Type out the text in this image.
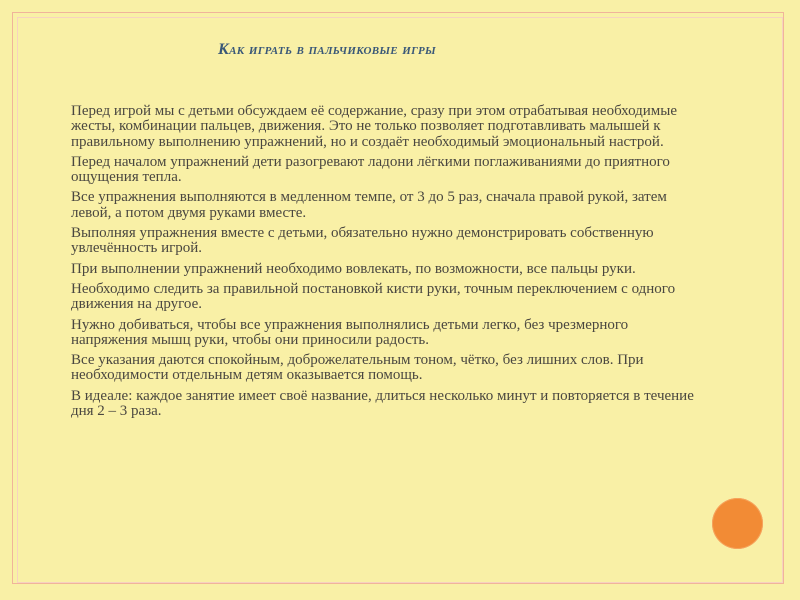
Как играть в пальчиковые игры
Перед игрой мы с детьми обсуждаем её содержание, сразу при этом отрабатывая необходимые жесты, комбинации пальцев, движения. Это не только позволяет подготавливать малышей к правильному выполнению упражнений, но и создаёт необходимый эмоциональный настрой.
Перед началом упражнений дети разогревают ладони лёгкими поглаживаниями до приятного ощущения тепла.
Все упражнения выполняются в медленном темпе, от 3 до 5 раз, сначала правой рукой, затем левой, а потом двумя руками вместе.
Выполняя упражнения вместе с детьми, обязательно нужно демонстрировать собственную увлечённость игрой.
При выполнении упражнений необходимо вовлекать, по возможности, все пальцы руки.
Необходимо следить за правильной постановкой кисти руки, точным переключением с одного движения на другое.
Нужно добиваться, чтобы все упражнения выполнялись детьми легко, без чрезмерного напряжения мышц руки, чтобы они приносили радость.
Все указания даются спокойным, доброжелательным тоном, чётко, без лишних слов. При необходимости отдельным детям оказывается помощь.
В идеале: каждое занятие имеет своё название, длиться несколько минут и повторяется в течение дня 2 – 3 раза.
